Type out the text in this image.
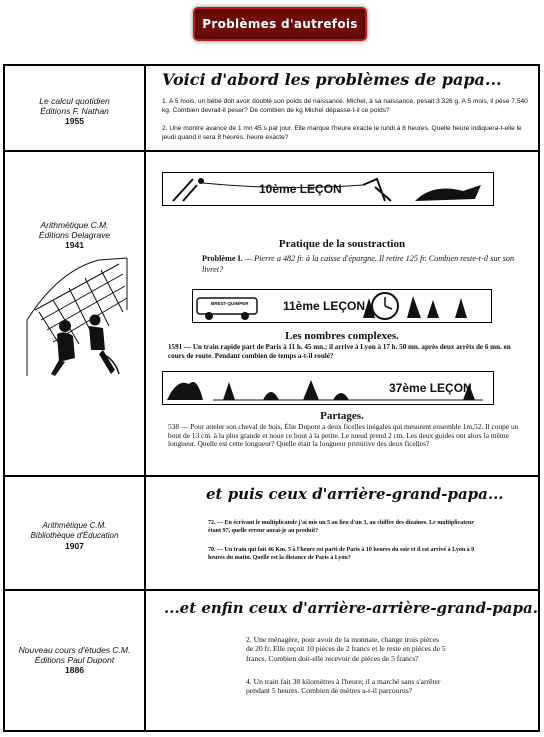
Problèmes d'autrefois
Le calcul quotidien
Éditions F. Nathan
1955
Voici d'abord les problèmes de papa...
1. A 5 mois, un bébé doit avoir doublé son poids de naissance. Michel, à sa naissance, pesait 3 326 g. A 5 mois, il pèse 7,540 kg. Combien devrait-il peser? De combien de kg Michel dépasse-t-il ce poids?
2. Une montre avance de 1 mn 45 s par jour. Elle marque l'heure exacte le lundi à 8 heures. Quelle heure indiquera-t-elle le jeudi quand il sera 8 heures, heure exacte?
Arithmétique C.M.
Éditions Delagrave
1941
10ème LEÇON
Pratique de la soustraction
Problème I. — Pierre a 482 fr. à la caisse d'épargne. Il retire 125 fr. Combien reste-t-il sur son livret?
BREST-QUIMPER	11ème LEÇON
Les nombres complexes.
1591 — Un train rapide part de Paris à 11 h. 45 mn.; il arrive à Lyon à 17 h. 50 mn. après deux arrêts de 6 mn. en cours de route. Pendant combien de temps a-t-il roulé?
37ème LEÇON
Partages.
538 — Pour atteler son cheval de bois, Élie Dupont a deux ficelles inégales qui mesurent ensemble 1m,52. Il coupe un bout de 13 cm. à la plus grande et noue ce bout à la petite. Le nœud prend 2 cm. Les deux guides ont alors la même longueur. Quelle est cette longueur? Quelle était la longueur primitive des deux ficelles?
Arithmétique C.M.
Bibliothèque d'Éducation
1907
et puis ceux d'arrière-grand-papa...
72. — En écrivant le multiplicande j'ai mis un 5 au lieu d'un 3, au chiffre des dizaines. Le multiplicateur étant 97, quelle erreur aurai-je au produit?
70. — Un train qui fait 46 Km. 5 à l'heure est parti de Paris à 10 heures du soir et il est arrivé à Lyon à 9 heures du matin. Quelle est la distance de Paris à Lyon?
Nouveau cours d'études C.M.
Éditions Paul Dupont
1886
...et enfin ceux d'arrière-arrière-grand-papa.
2. Une ménagère, pour avoir de la monnaie, change trois pièces de 20 fr. Elle reçoit 10 pièces de 2 francs et le reste en pièces de 5 francs. Combien doit-elle recevoir de pièces de 5 francs?
4. Un train fait 38 kilomètres à l'heure; il a marché sans s'arrêter pendant 5 heures. Combien de mètres a-t-il parcourus?
